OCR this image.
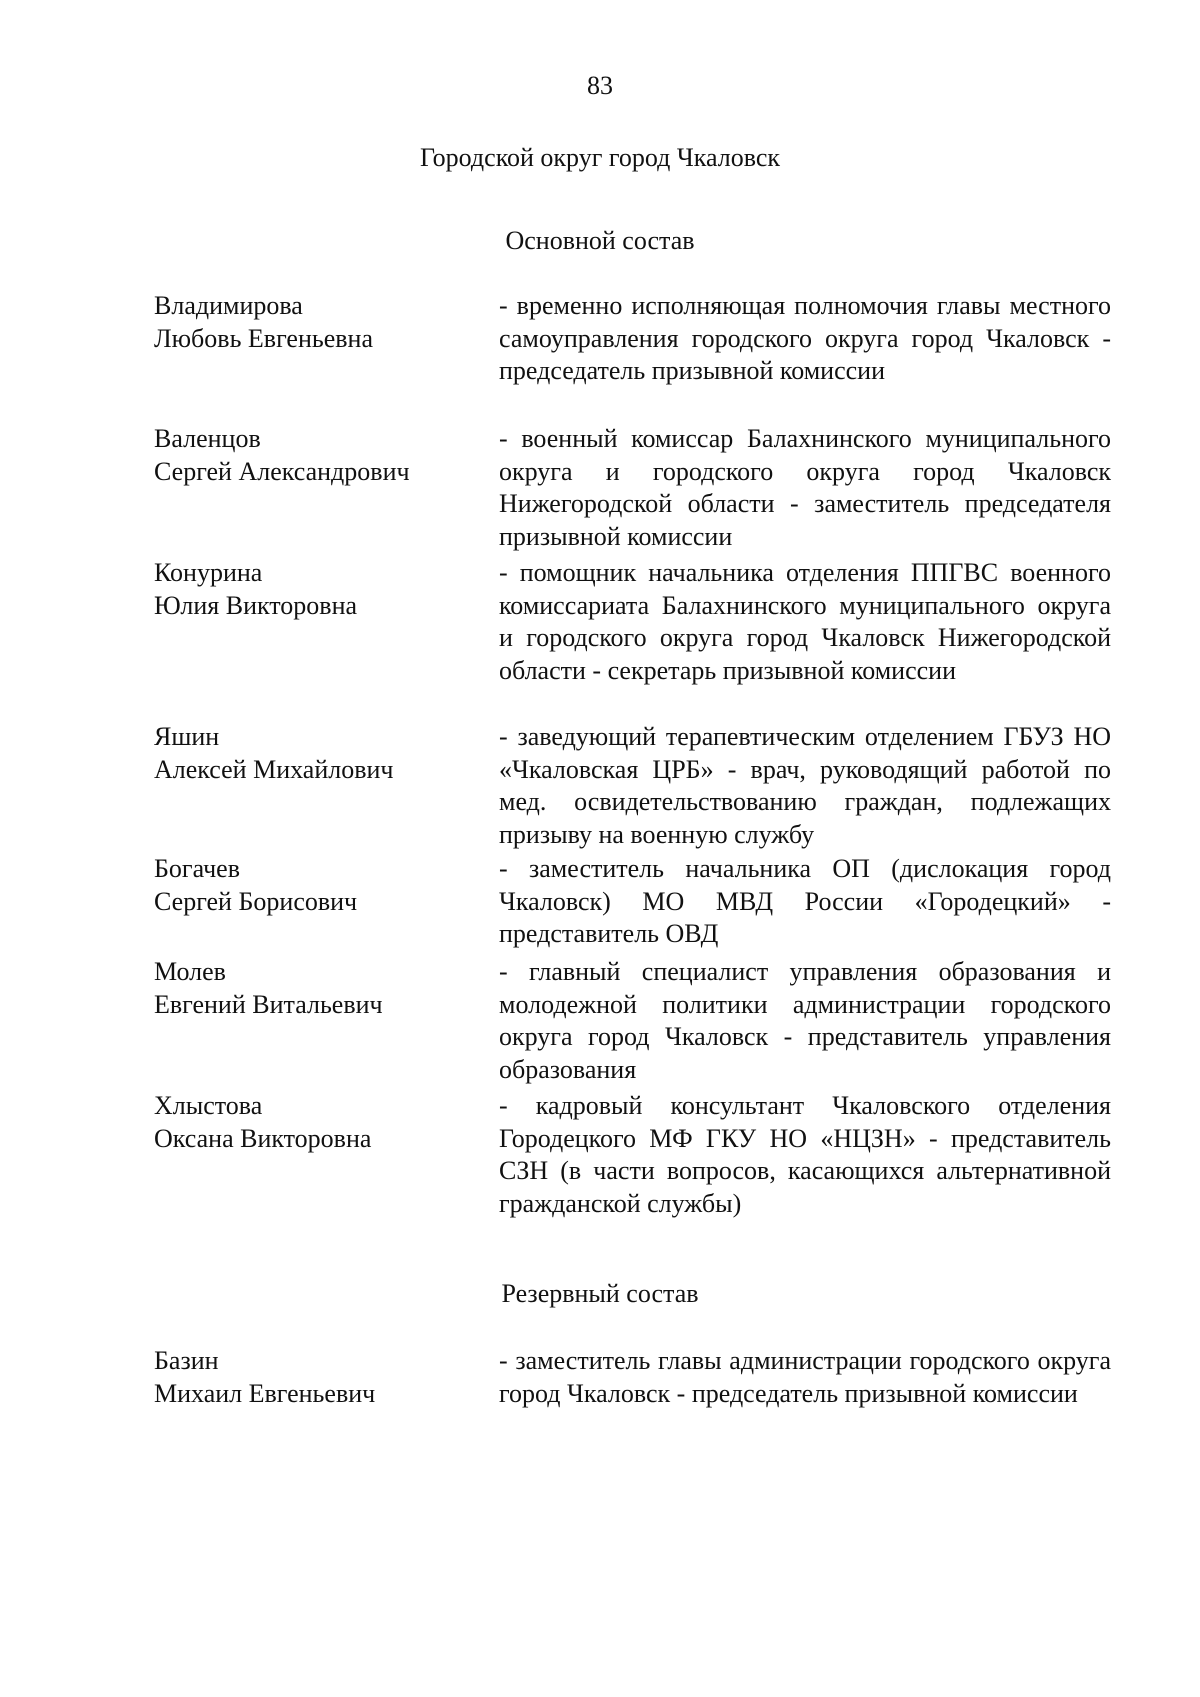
83
Городской округ город Чкаловск
Основной состав
Владимирова
Любовь Евгеньевна
- временно исполняющая полномочия главы местного самоуправления городского округа город Чкаловск - председатель призывной комиссии
Валенцов
Сергей Александрович
- военный комиссар Балахнинского муниципального округа и городского округа город Чкаловск Нижегородской области - заместитель председателя призывной комиссии
Конурина
Юлия Викторовна
- помощник начальника отделения ППГВС военного комиссариата Балахнинского муниципального округа и городского округа город Чкаловск Нижегородской области - секретарь призывной комиссии
Яшин
Алексей Михайлович
- заведующий терапевтическим отделением ГБУЗ НО «Чкаловская ЦРБ» - врач, руководящий работой по мед. освидетельствованию граждан, подлежащих призыву на военную службу
Богачев
Сергей Борисович
- заместитель начальника ОП (дислокация город Чкаловск) МО МВД России «Городецкий» - представитель ОВД
Молев
Евгений Витальевич
- главный специалист управления образования и молодежной политики администрации городского округа город Чкаловск - представитель управления образования
Хлыстова
Оксана Викторовна
- кадровый консультант Чкаловского отделения Городецкого МФ ГКУ НО «НЦЗН» - представитель СЗН (в части вопросов, касающихся альтернативной гражданской службы)
Резервный состав
Базин
Михаил Евгеньевич
- заместитель главы администрации городского округа город Чкаловск - председатель призывной комиссии
